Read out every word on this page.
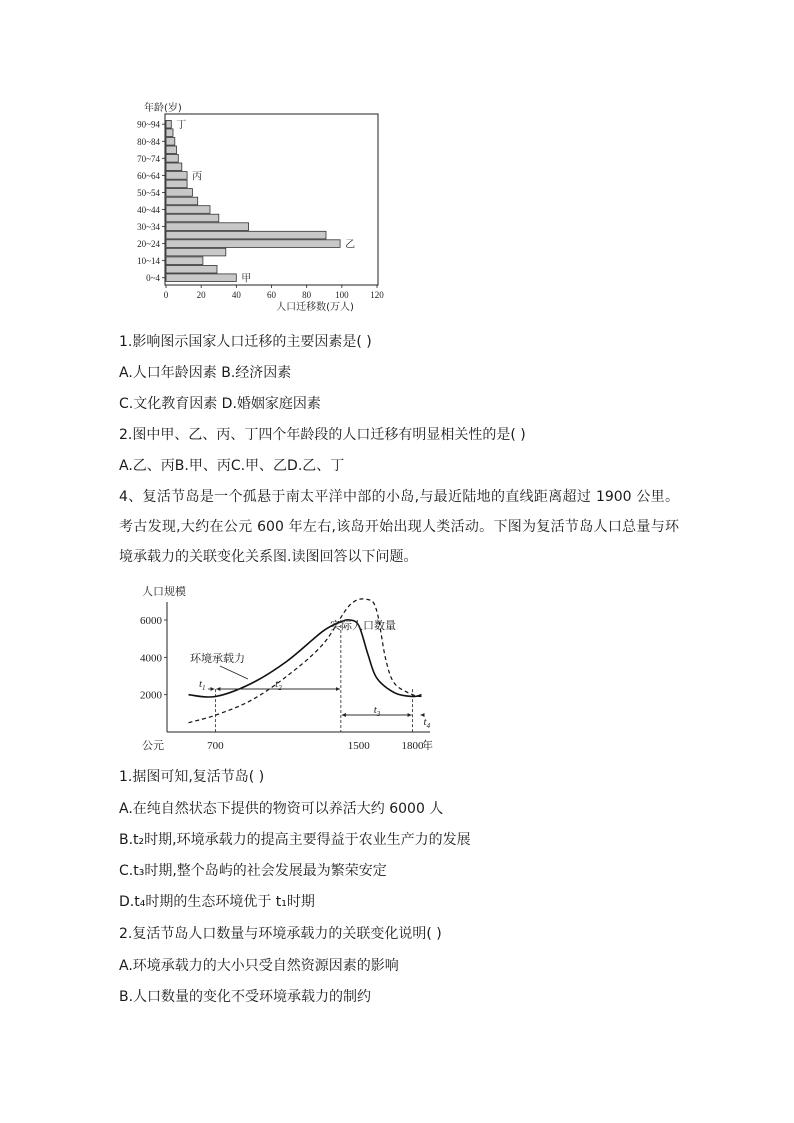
年龄(岁)
0~4
10~14
20~24
30~34
40~44
50~54
60~64
70~74
80~84
90~94
0	20	40	60	80	100 120
甲
乙
丙
丁
人口迁移数(万人)
1.影响图示国家人口迁移的主要因素是( )
A.人口年龄因素 B.经济因素
C.文化教育因素 D.婚姻家庭因素
2.图中甲、乙、丙、丁四个年龄段的人口迁移有明显相关性的是( )
A.乙、丙B.甲、丙C.甲、乙D.乙、丁

4、复活节岛是一个孤悬于南太平洋中部的小岛,与最近陆地的直线距离超过 1900 公里。考古发现,大约在公元 600 年左右,该岛开始出现人类活动。下图为复活节岛人口总量与环境承载力的关联变化关系图.读图回答以下问题。

人口规模
公元	年
2000
4000
6000
700	1500	1800
$t_1$	$t_2$
$t_3$
$t_4$
环境承载力
实际人口数量
1.据图可知,复活节岛( )
A.在纯自然状态下提供的物资可以养活大约 6000 人
B.t₂时期,环境承载力的提高主要得益于农业生产力的发展
C.t₃时期,整个岛屿的社会发展最为繁荣安定
D.t₄时期的生态环境优于 t₁时期
2.复活节岛人口数量与环境承载力的关联变化说明( )
A.环境承载力的大小只受自然资源因素的影响
B.人口数量的变化不受环境承载力的制约
